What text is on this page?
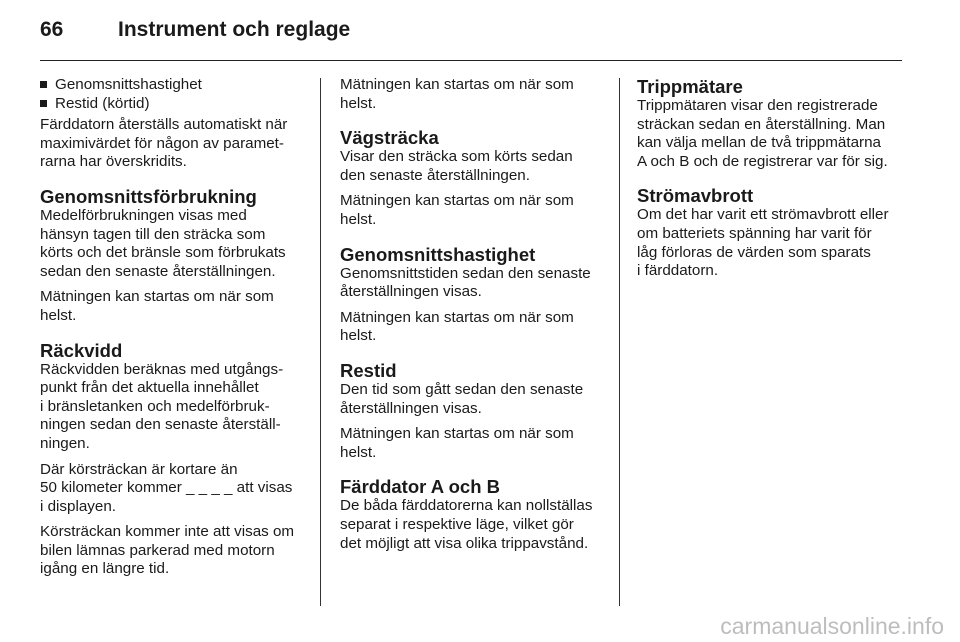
66	Instrument och reglage
Genomsnittshastighet
Restid (körtid)

Färddatorn återställs automatiskt när
maximivärdet för någon av paramet-
rarna har överskridits.

Genomsnittsförbrukning

Medelförbrukningen visas med
hänsyn tagen till den sträcka som
körts och det bränsle som förbrukats
sedan den senaste återställningen.

Mätningen kan startas om när som
helst.

Räckvidd

Räckvidden beräknas med utgångs-
punkt från det aktuella innehållet
i bränsletanken och medelförbruk-
ningen sedan den senaste återställ-
ningen.

Där körsträckan är kortare än
50 kilometer kommer _ _ _ _ att visas
i displayen.

Körsträckan kommer inte att visas om
bilen lämnas parkerad med motorn
igång en längre tid.

Mätningen kan startas om när som
helst.

Vägsträcka

Visar den sträcka som körts sedan
den senaste återställningen.

Mätningen kan startas om när som
helst.

Genomsnittshastighet

Genomsnittstiden sedan den senaste
återställningen visas.

Mätningen kan startas om när som
helst.

Restid

Den tid som gått sedan den senaste
återställningen visas.

Mätningen kan startas om när som
helst.

Färddator A och B

De båda färddatorerna kan nollställas
separat i respektive läge, vilket gör
det möjligt att visa olika trippavstånd.

Trippmätare

Trippmätaren visar den registrerade
sträckan sedan en återställning. Man
kan välja mellan de två trippmätarna
A och B och de registrerar var för sig.

Strömavbrott

Om det har varit ett strömavbrott eller
om batteriets spänning har varit för
låg förloras de värden som sparats
i färddatorn.

carmanualsonline.info
